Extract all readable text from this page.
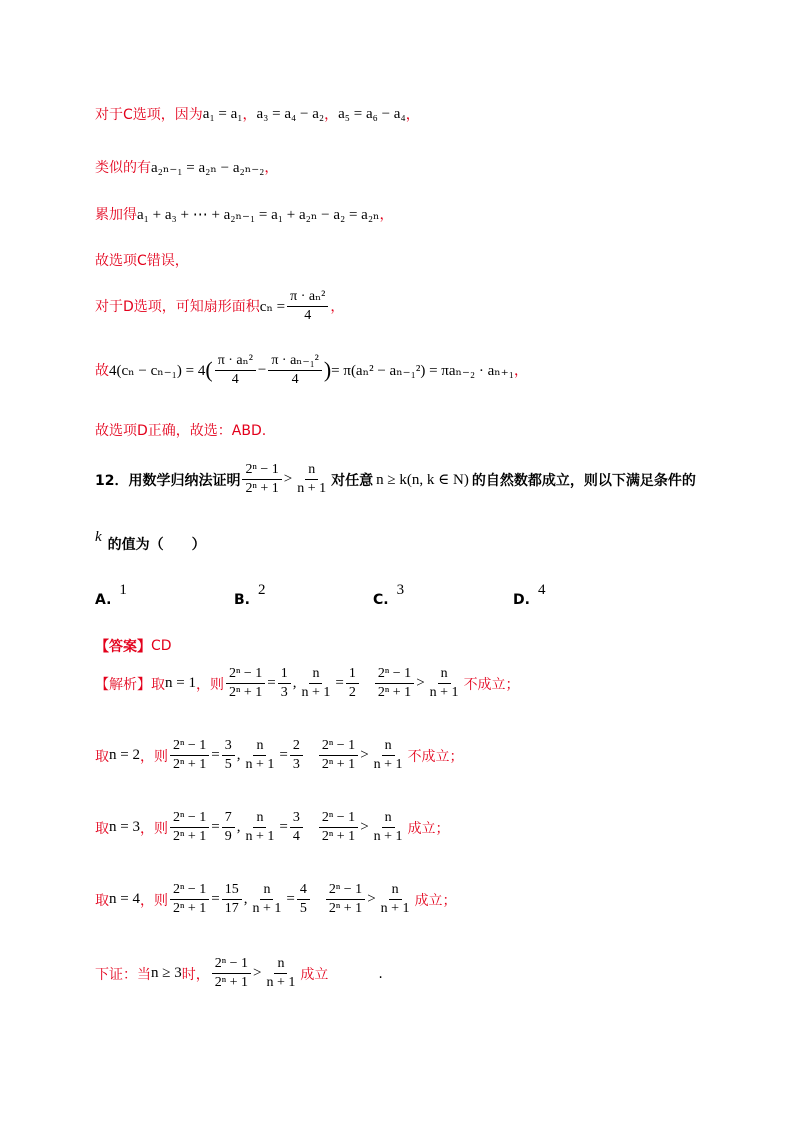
对于C选项，因为 a₁ = a₁ ， a₃ = a₄ − a₂ ， a₅ = a₆ − a₄ ，
类似的有 a₂ₙ₋₁ = a₂ₙ − a₂ₙ₋₂ ，
累加得 a₁ + a₃ + ⋯ + a₂ₙ₋₁ = a₁ + a₂ₙ − a₂ = a₂ₙ ，
故选项C错误，
对于D选项，可知扇形面积 $c_n = \frac{\text{π · aₙ²}}{4}$ ，
故 4(cₙ − cₙ₋₁) = 4 ( $\frac{\text{π · aₙ²}}{4} - \frac{\text{π · aₙ₋₁²}}{4}$ ) = π(aₙ² − aₙ₋₁²) = πaₙ₋₂ · aₙ₊₁ ，
故选项D正确，故选：ABD.
12．用数学归纳法证明 $\frac{\text{2ⁿ − 1}}{\text{2ⁿ + 1}} > \frac{n}{n + 1}$ 对任意 n ≥ k(n, k ∈ N) 的自然数都成立，则以下满足条件的
k
的值为（　　）
A.
1
B.
2
C.
3
D.
4
【答案】 CD
【解析】 取 n = 1 ，则 $\frac{\text{2ⁿ − 1}}{\text{2ⁿ + 1}} = \frac{1}{3}$ , $\frac{n}{n + 1} = \frac{1}{2} \frac{\text{2ⁿ − 1}}{\text{2ⁿ + 1}} > \frac{n}{n + 1}$ 不成立；
取 n = 2 ，则 $\frac{\text{2ⁿ − 1}}{\text{2ⁿ + 1}} = \frac{3}{5}$ , $\frac{n}{n + 1} = \frac{2}{3} \frac{\text{2ⁿ − 1}}{\text{2ⁿ + 1}} > \frac{n}{n + 1}$ 不成立；
取 n = 3 ，则 $\frac{\text{2ⁿ − 1}}{\text{2ⁿ + 1}} = \frac{7}{9}$ , $\frac{n}{n + 1} = \frac{3}{4} \frac{\text{2ⁿ − 1}}{\text{2ⁿ + 1}} > \frac{n}{n + 1}$ 成立；
取 n = 4 ，则 $\frac{\text{2ⁿ − 1}}{\text{2ⁿ + 1}} = \frac{15}{17}$ , $\frac{n}{n + 1} = \frac{4}{5} \frac{\text{2ⁿ − 1}}{\text{2ⁿ + 1}} > \frac{n}{n + 1}$ 成立；
下证：当 n ≥ 3 时， $\frac{\text{2ⁿ − 1}}{\text{2ⁿ + 1}} > \frac{n}{n + 1}$ 成立	.
